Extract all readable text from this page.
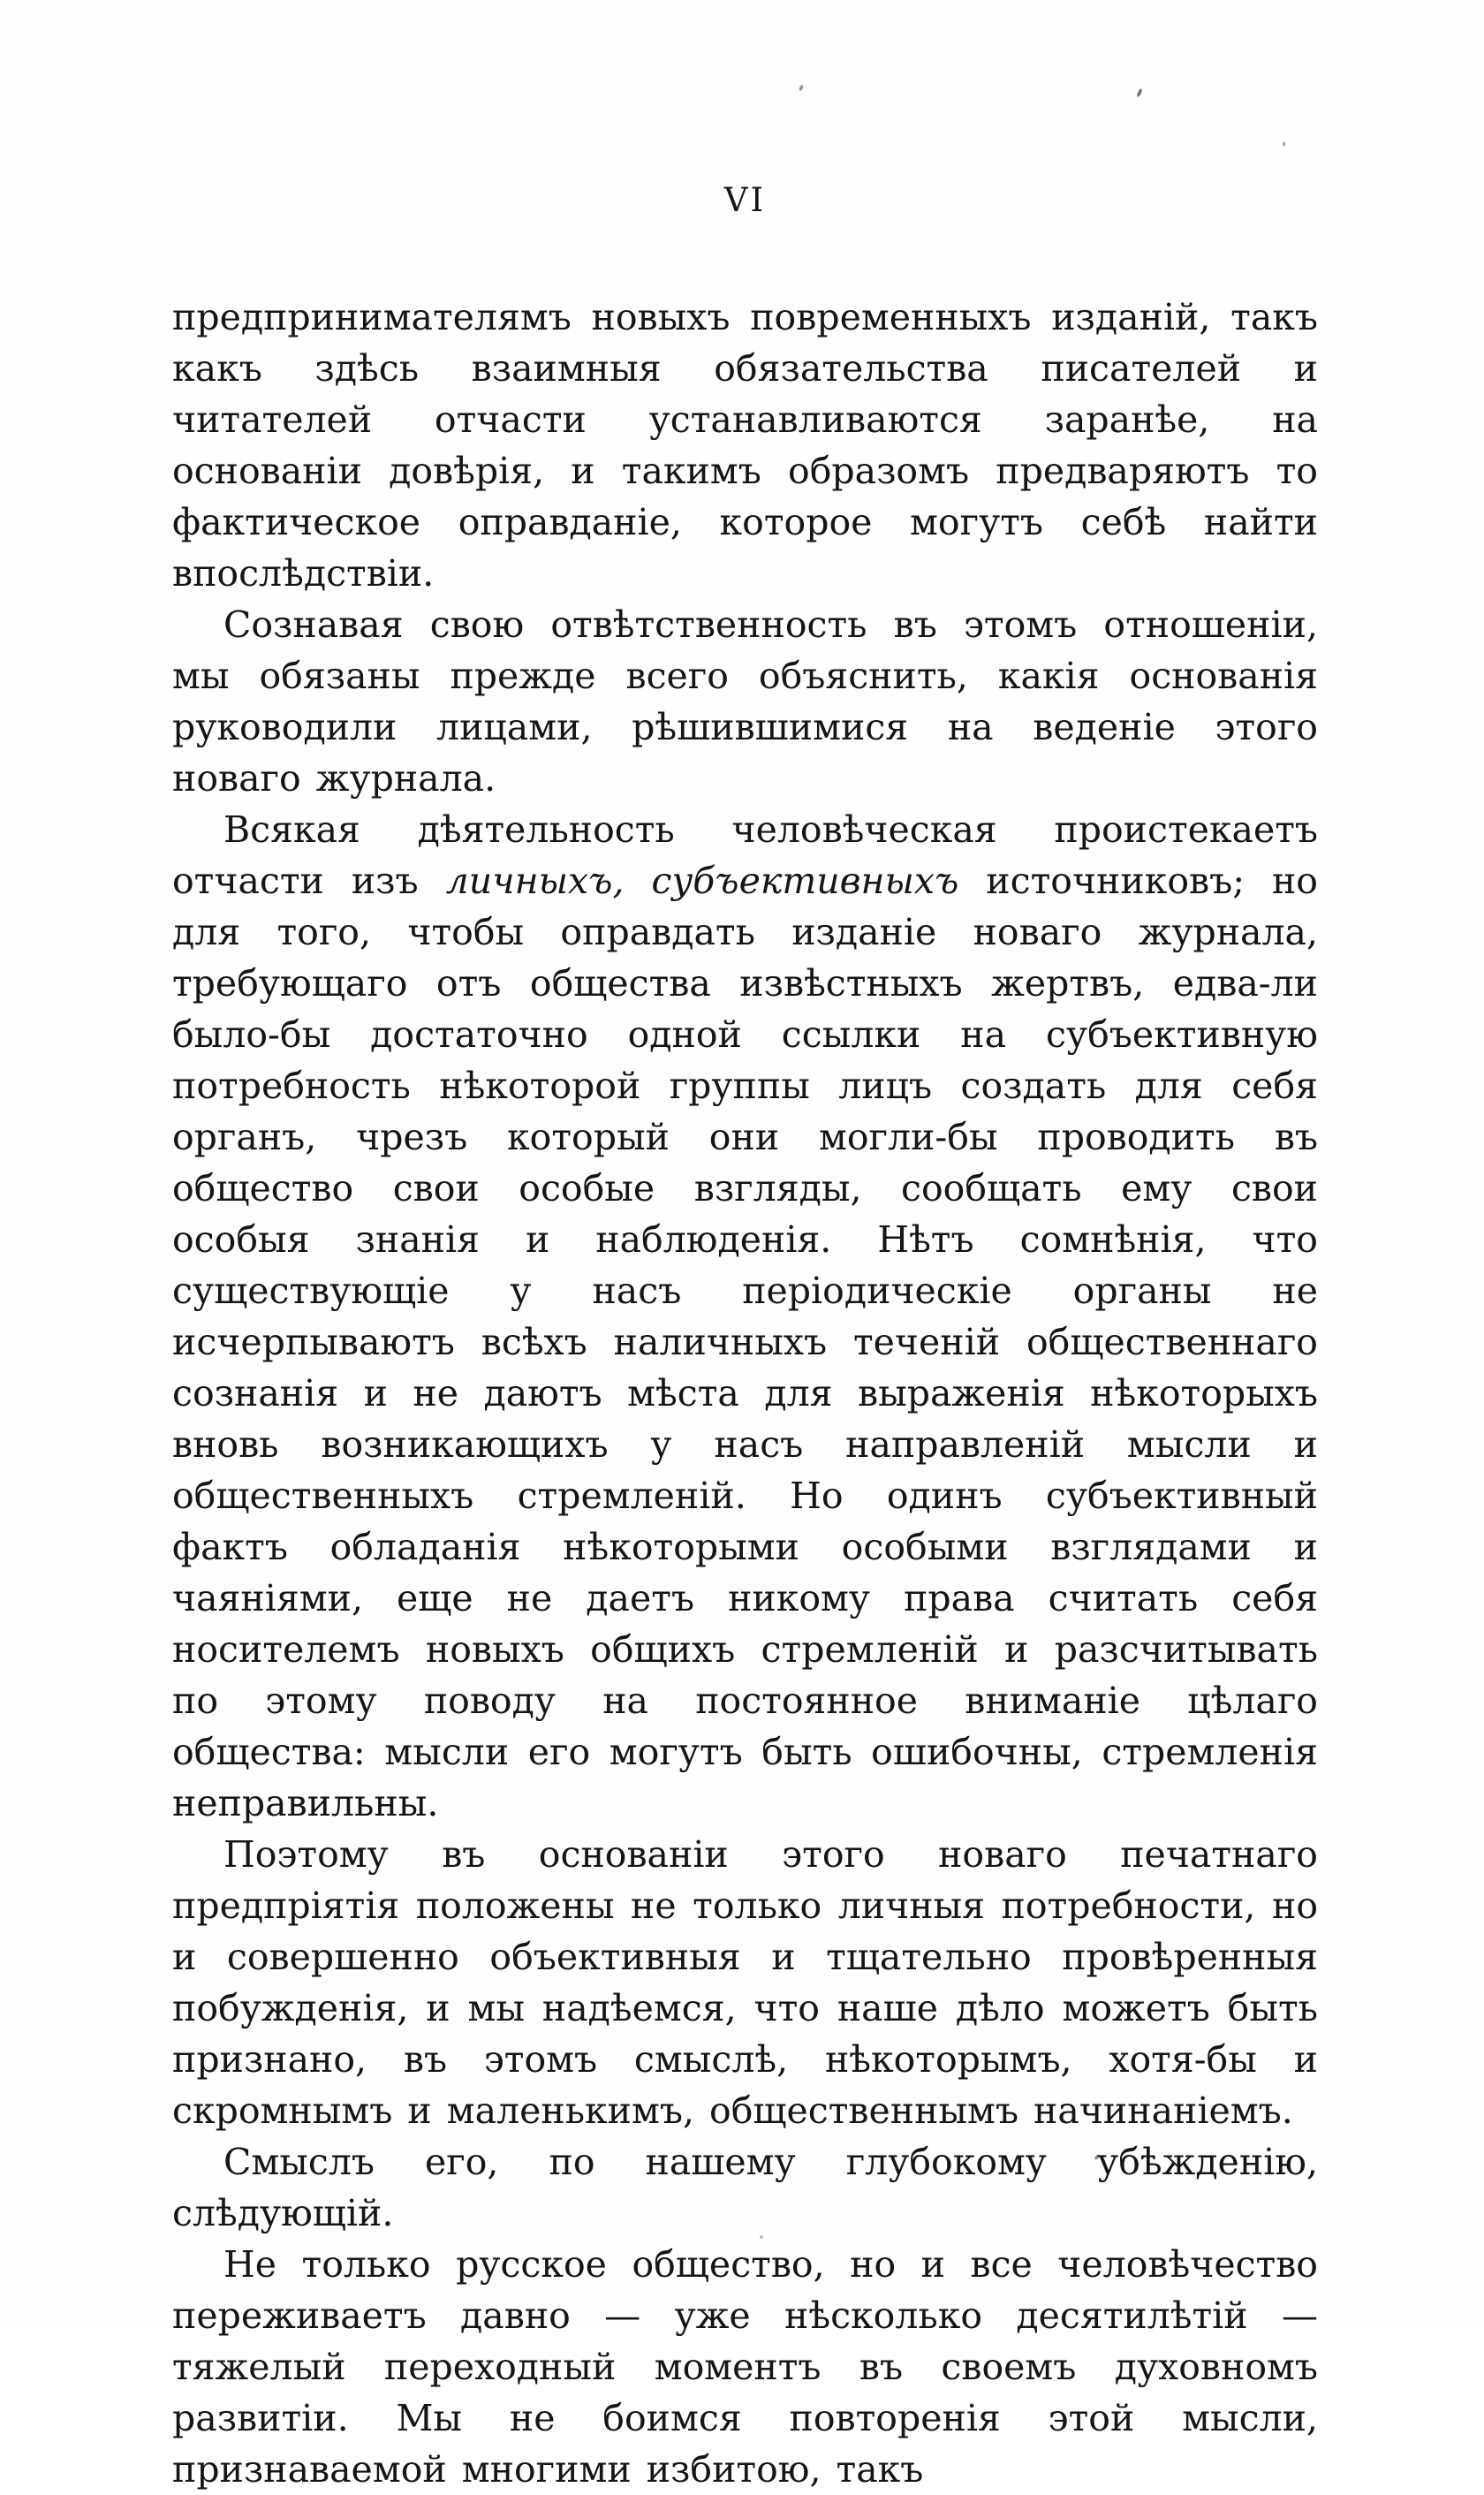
VI

предпринимателямъ новыхъ повременныхъ изданій, такъ какъ здѣсь взаимныя обязательства писателей и читателей отчасти устанавливаются заранѣе, на основаніи довѣрія, и такимъ образомъ предваряютъ то фактическое оправданіе, которое могутъ себѣ найти впослѣдствіи.

Сознавая свою отвѣтственность въ этомъ отношеніи, мы обязаны прежде всего объяснить, какія основанія руководили лицами, рѣшившимися на веденіе этого новаго журнала.

Всякая дѣятельность человѣческая проистекаетъ отчасти изъ личныхъ, субъективныхъ источниковъ; но для того, чтобы оправдать изданіе новаго журнала, требующаго отъ общества извѣстныхъ жертвъ, едва-ли было-бы достаточно одной ссылки на субъективную потребность нѣкоторой группы лицъ создать для себя органъ, чрезъ который они могли-бы проводить въ общество свои особые взгляды, сообщать ему свои особыя знанія и наблюденія. Нѣтъ сомнѣнія, что существующіе у насъ періодическіе органы не исчерпываютъ всѣхъ наличныхъ теченій общественнаго сознанія и не даютъ мѣста для выраженія нѣкоторыхъ вновь возникающихъ у насъ направленій мысли и общественныхъ стремленій. Но одинъ субъективный фактъ обладанія нѣкоторыми особыми взглядами и чаяніями, еще не даетъ никому права считать себя носителемъ новыхъ общихъ стремленій и разсчитывать по этому поводу на постоянное вниманіе цѣлаго общества: мысли его могутъ быть ошибочны, стремленія неправильны.

Поэтому въ основаніи этого новаго печатнаго предпріятія положены не только личныя потребности, но и совершенно объективныя и тщательно провѣренныя побужденія, и мы надѣемся, что наше дѣло можетъ быть признано, въ этомъ смыслѣ, нѣкоторымъ, хотя-бы и скромнымъ и маленькимъ, общественнымъ начинаніемъ.

Смыслъ его, по нашему глубокому убѣжденію, слѣдующій.

Не только русское общество, но и все человѣчество переживаетъ давно — уже нѣсколько десятилѣтій — тяжелый переходный моментъ въ своемъ духовномъ развитіи. Мы не боимся повторенія этой мысли, признаваемой многими избитою, такъ
